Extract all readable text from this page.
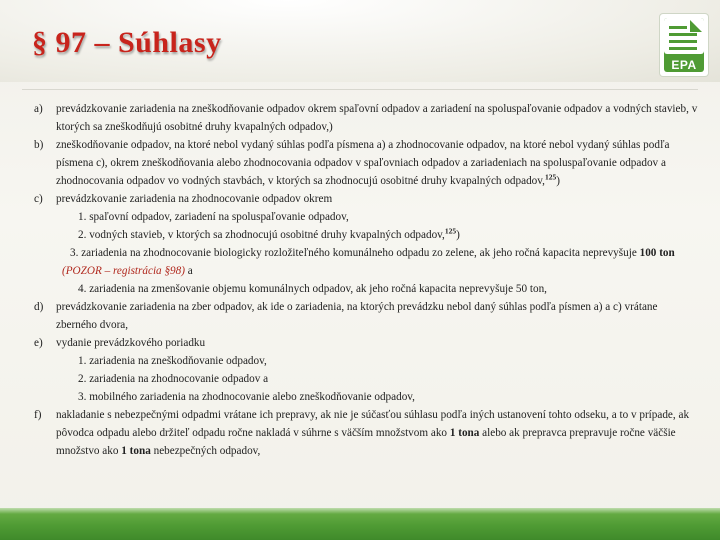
§ 97 – Súhlasy
EPA
a) prevádzkovanie zariadenia na zneškodňovanie odpadov okrem spaľovní odpadov a zariadení na spoluspaľovanie odpadov a vodných stavieb, v ktorých sa zneškodňujú osobitné druhy kvapalných odpadov,)
b) zneškodňovanie odpadov, na ktoré nebol vydaný súhlas podľa písmena a) a zhodnocovanie odpadov, na ktoré nebol vydaný súhlas podľa písmena c), okrem zneškodňovania alebo zhodnocovania odpadov v spaľovniach odpadov a zariadeniach na spoluspaľovanie odpadov a zhodnocovania odpadov vo vodných stavbách, v ktorých sa zhodnocujú osobitné druhy kvapalných odpadov,$^{125}$)
c) prevádzkovanie zariadenia na zhodnocovanie odpadov okrem
1. spaľovní odpadov, zariadení na spoluspaľovanie odpadov,
2. vodných stavieb, v ktorých sa zhodnocujú osobitné druhy kvapalných odpadov,$^{125}$)
3. zariadenia na zhodnocovanie biologicky rozložiteľného komunálneho odpadu zo zelene, ak jeho ročná kapacita neprevyšuje 100 ton (POZOR – registrácia §98) a
4. zariadenia na zmenšovanie objemu komunálnych odpadov, ak jeho ročná kapacita neprevyšuje 50 ton,
d) prevádzkovanie zariadenia na zber odpadov, ak ide o zariadenia, na ktorých prevádzku nebol daný súhlas podľa písmen a) a c) vrátane zberného dvora,
e) vydanie prevádzkového poriadku
1. zariadenia na zneškodňovanie odpadov,
2. zariadenia na zhodnocovanie odpadov a
3. mobilného zariadenia na zhodnocovanie alebo zneškodňovanie odpadov,
f) nakladanie s nebezpečnými odpadmi vrátane ich prepravy, ak nie je súčasťou súhlasu podľa iných ustanovení tohto odseku, a to v prípade, ak pôvodca odpadu alebo držiteľ odpadu ročne nakladá v súhrne s väčším množstvom ako 1 tona alebo ak prepravca prepravuje ročne väčšie množstvo ako 1 tona nebezpečných odpadov,
